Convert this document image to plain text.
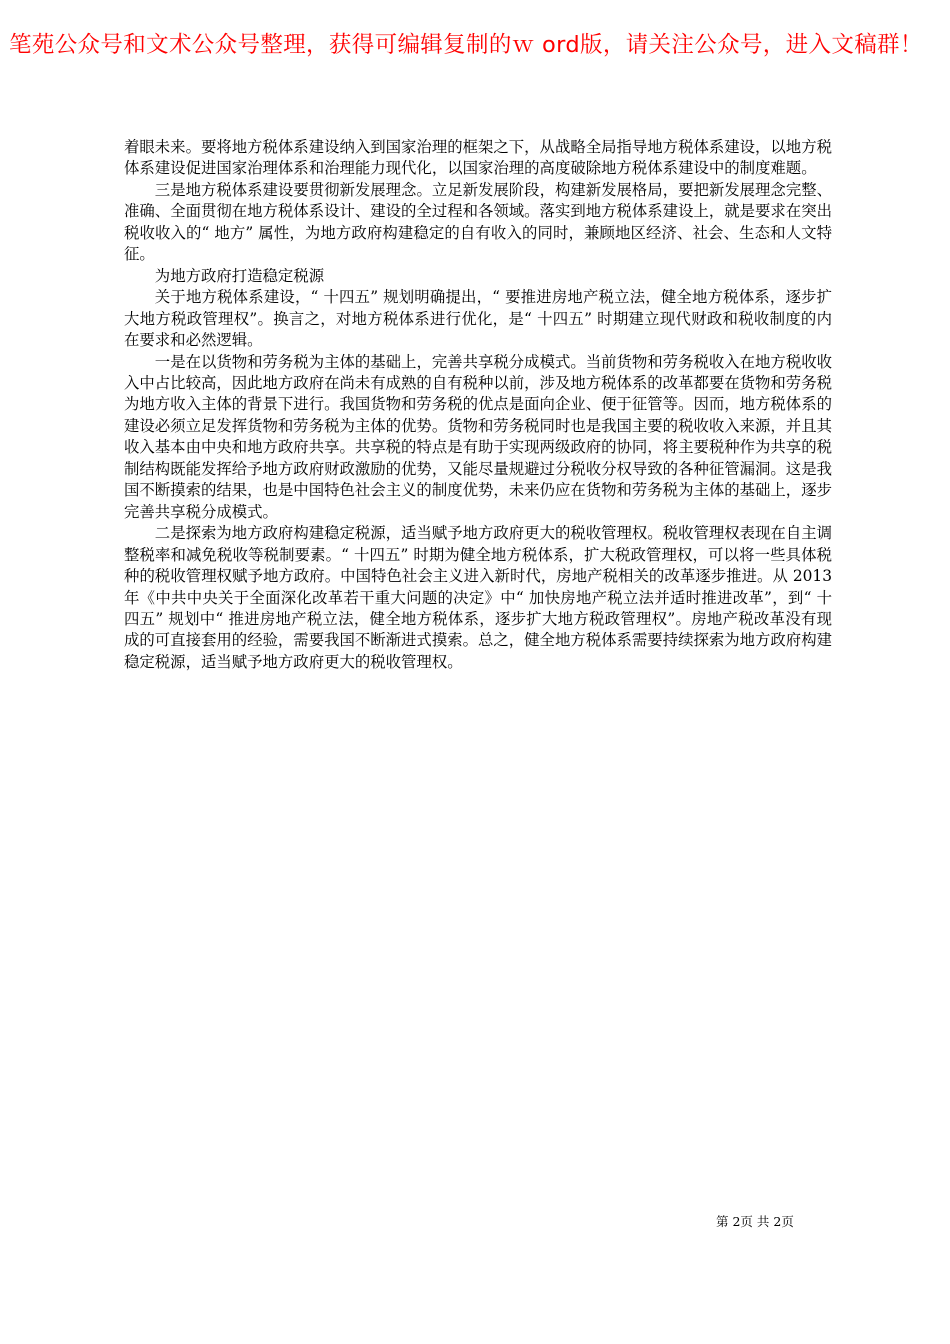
笔苑公众号和文术公众号整理，获得可编辑复制的ｗ ord版，请关注公众号，进入文稿群！

着眼未来。要将地方税体系建设纳入到国家治理的框架之下，从战略全局指导地方税体系建设，以地方税体系建设促进国家治理体系和治理能力现代化，以国家治理的高度破除地方税体系建设中的制度难题。

三是地方税体系建设要贯彻新发展理念。立足新发展阶段，构建新发展格局，要把新发展理念完整、准确、全面贯彻在地方税体系设计、建设的全过程和各领域。落实到地方税体系建设上，就是要求在突出税收收入的“ 地方” 属性，为地方政府构建稳定的自有收入的同时，兼顾地区经济、社会、生态和人文特征。

为地方政府打造稳定税源

关于地方税体系建设，“ 十四五” 规划明确提出，“ 要推进房地产税立法，健全地方税体系，逐步扩大地方税政管理权”。换言之，对地方税体系进行优化，是“ 十四五” 时期建立现代财政和税收制度的内在要求和必然逻辑。

一是在以货物和劳务税为主体的基础上，完善共享税分成模式。当前货物和劳务税收入在地方税收收入中占比较高，因此地方政府在尚未有成熟的自有税种以前，涉及地方税体系的改革都要在货物和劳务税为地方收入主体的背景下进行。我国货物和劳务税的优点是面向企业、便于征管等。因而，地方税体系的建设必须立足发挥货物和劳务税为主体的优势。货物和劳务税同时也是我国主要的税收收入来源，并且其收入基本由中央和地方政府共享。共享税的特点是有助于实现两级政府的协同，将主要税种作为共享的税制结构既能发挥给予地方政府财政激励的优势，又能尽量规避过分税收分权导致的各种征管漏洞。这是我国不断摸索的结果，也是中国特色社会主义的制度优势，未来仍应在货物和劳务税为主体的基础上，逐步完善共享税分成模式。

二是探索为地方政府构建稳定税源，适当赋予地方政府更大的税收管理权。税收管理权表现在自主调整税率和减免税收等税制要素。“ 十四五” 时期为健全地方税体系，扩大税政管理权，可以将一些具体税种的税收管理权赋予地方政府。中国特色社会主义进入新时代，房地产税相关的改革逐步推进。从 2013 年《中共中央关于全面深化改革若干重大问题的决定》中“ 加快房地产税立法并适时推进改革”，到“ 十四五” 规划中“ 推进房地产税立法，健全地方税体系，逐步扩大地方税政管理权”。房地产税改革没有现成的可直接套用的经验，需要我国不断渐进式摸索。总之，健全地方税体系需要持续探索为地方政府构建稳定税源，适当赋予地方政府更大的税收管理权。

第 2页 共 2页
